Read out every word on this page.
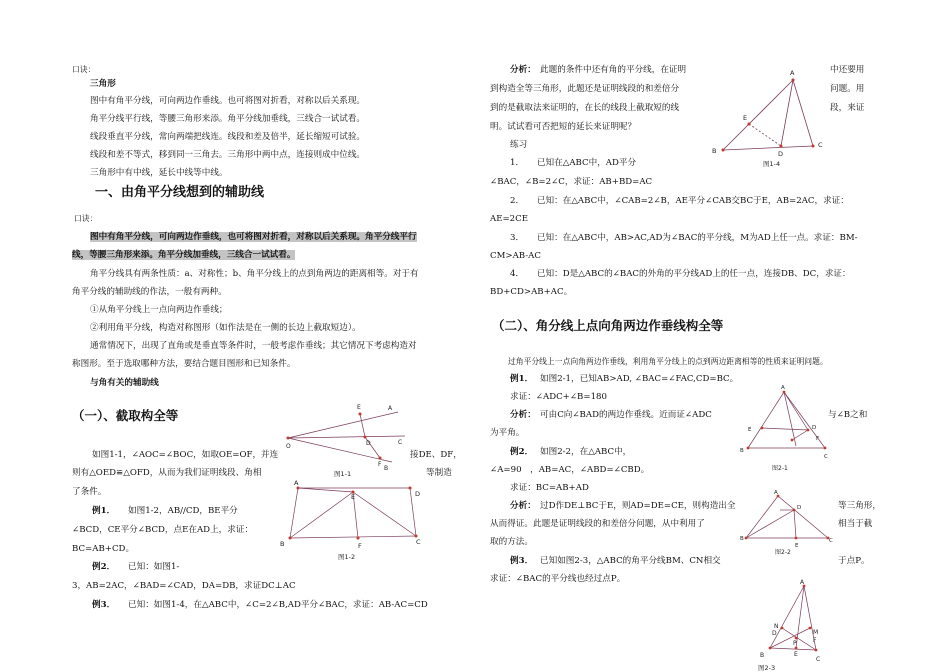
口诀：
三角形
图中有角平分线，可向两边作垂线。也可将图对折看，对称以后关系现。
角平分线平行线，等腰三角形来添。角平分线加垂线，三线合一试试看。
线段垂直平分线，常向两端把线连。线段和差及倍半，延长缩短可试验。
线段和差不等式，移到同一三角去。三角形中两中点，连接则成中位线。
三角形中有中线，延长中线等中线。
一、由角平分线想到的辅助线
口诀：
图中有角平分线，可向两边作垂线，也可将图对折看，对称以后关系现。角平分线平行
线，等腰三角形来添。角平分线加垂线，三线合一试试看。
角平分线具有两条性质：a、对称性；b、角平分线上的点到角两边的距离相等。对于有
角平分线的辅助线的作法，一般有两种。
①从角平分线上一点向两边作垂线；
②利用角平分线，构造对称图形（如作法是在一侧的长边上截取短边）。
通常情况下，出现了直角或是垂直等条件时，一般考虑作垂线；其它情况下考虑构造对
称图形。至于选取哪种方法，要结合题目图形和已知条件。
与角有关的辅助线
（一）、截取构全等
如图1-1，∠AOC=∠BOC，如取OE=OF，并连	接DE、DF，
则有△OED≌△OFD，从而为我们证明线段、角相	等制造
了条件。
例1． 如图1-2，AB//CD，BE平分
∠BCD，CE平分∠BCD，点E在AD上，求证：
BC=AB+CD。
例2． 已知：如图1-
3，AB=2AC，∠BAD=∠CAD，DA=DB，求证DC⊥AC
例3． 已知：如图1-4，在△ABC中，∠C=2∠B,AD平分∠BAC，求证：AB-AC=CD
E	A
D	C
O
F
B
图1-1
A
E	D
B	F	C
图1-2
分析： 此题的条件中还有角的平分线，在证明	中还要用
到构造全等三角形，此题还是证明线段的和差倍分	问题。用
到的是截取法来证明的，在长的线段上截取短的线	段，来证
明。试试看可否把短的延长来证明呢？
练习
1．　　已知在△ABC中，AD平分
∠BAC，∠B=2∠C，求证：AB+BD=AC
2．　　已知：在△ABC中，∠CAB=2∠B，AE平分∠CAB交BC于E，AB=2AC，求证：
AE=2CE
3．　　已知：在△ABC中，AB>AC,AD为∠BAC的平分线，M为AD上任一点。求证：BM-
CM>AB-AC
4．　　已知：D是△ABC的∠BAC的外角的平分线AD上的任一点，连接DB、DC，求证：
BD+CD>AB+AC。
（二）、角分线上点向角两边作垂线构全等
过角平分线上一点向角两边作垂线，利用角平分线上的点到两边距离相等的性质来证明问题。
例1． 如图2-1，已知AB>AD, ∠BAC=∠FAC,CD=BC。
求证：∠ADC+∠B=180
分析： 可由C向∠BAD的两边作垂线。近而证∠ADC	与∠B之和
为平角。
例2． 如图2-2，在△ABC中，
∠A=90　，AB=AC，∠ABD=∠CBD。
求证：BC=AB+AD
分析： 过D作DE⊥BC于E，则AD=DE=CE，则构造出全	等三角形，
从而得证。此题是证明线段的和差倍分问题，从中利用了	相当于截
取的方法。
例3． 已知如图2-3，△ABC的角平分线BM、CN相交	于点P。
求证：∠BAC的平分线也经过点P。
A
E
B	D
C
图1-4
A
E	D
F
B
C
图2-1
A
D
B
E
C
图2-2
A
N
D	M
F
P
B	E
C
图2-3
